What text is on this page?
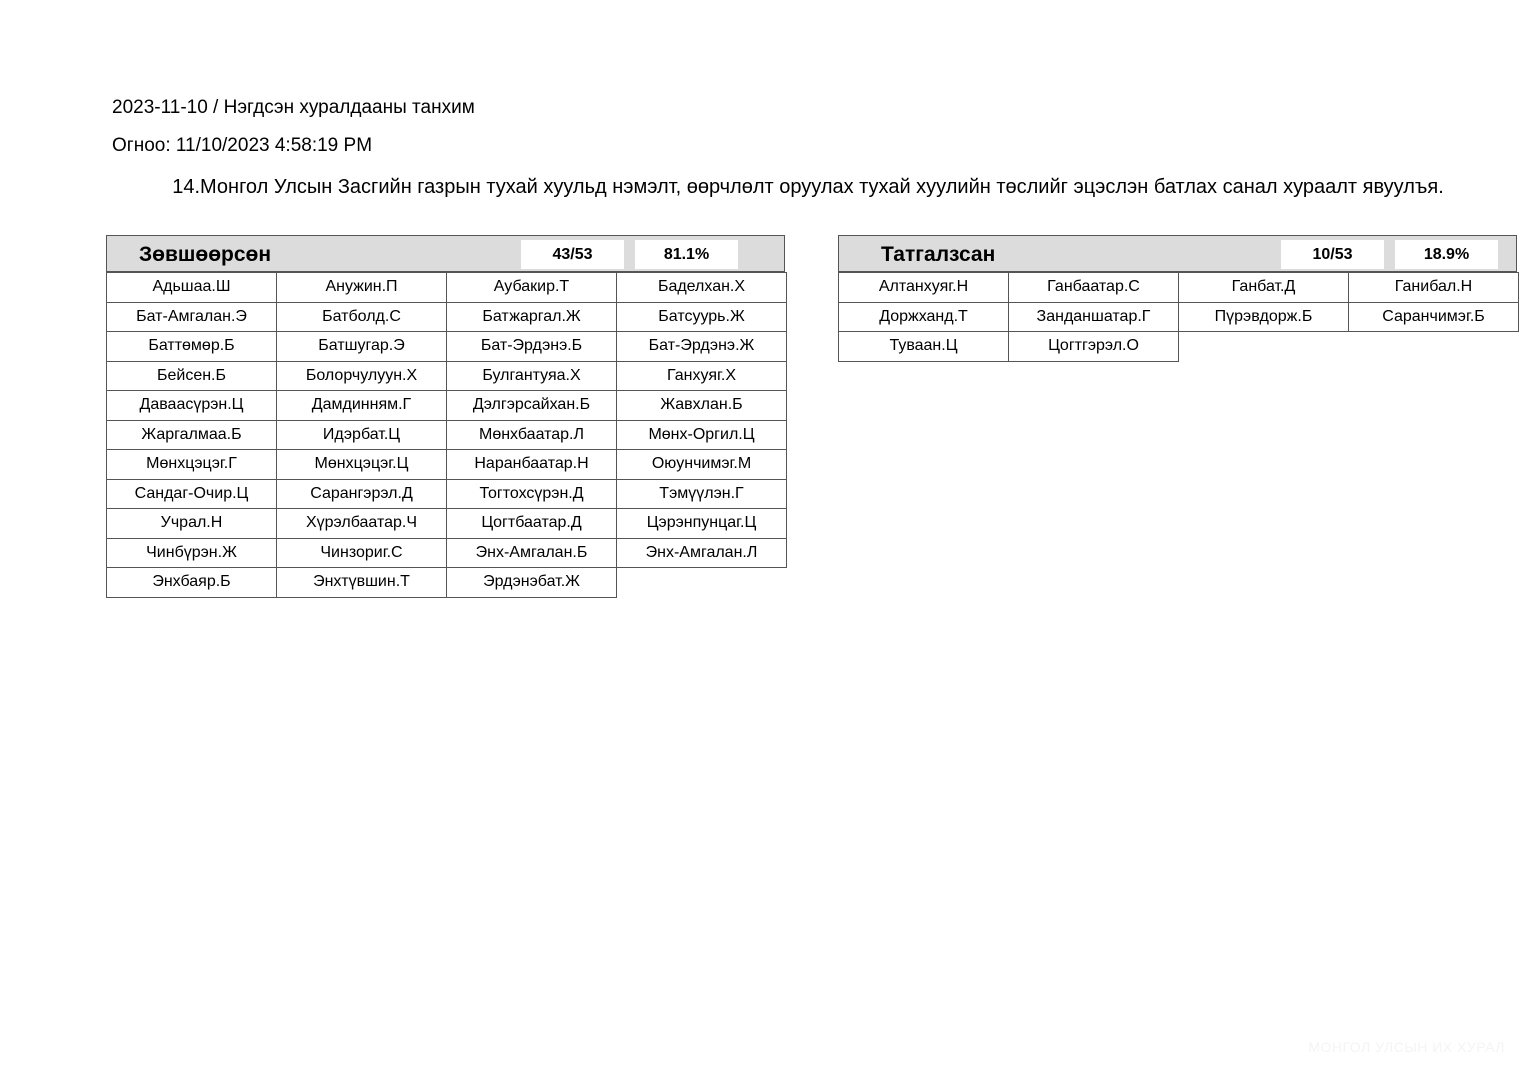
2023-11-10 / Нэгдсэн хуралдааны танхим
Огноо: 11/10/2023 4:58:19 PM
14.Монгол Улсын Засгийн газрын тухай хуульд нэмэлт, өөрчлөлт оруулах тухай хуулийн төслийг эцэслэн батлах санал хураалт явуулъя.
Зөвшөөрсөн	43/53	81.1%
Адьшаа.Ш	Анужин.П	Аубакир.Т	Баделхан.Х
Бат-Амгалан.Э	Батболд.С	Батжаргал.Ж	Батсуурь.Ж
Баттөмөр.Б	Батшугар.Э	Бат-Эрдэнэ.Б	Бат-Эрдэнэ.Ж
Бейсен.Б	Болорчулуун.Х	Булгантуяа.Х	Ганхуяг.Х
Даваасүрэн.Ц	Дамдинням.Г	Дэлгэрсайхан.Б	Жавхлан.Б
Жаргалмаа.Б	Идэрбат.Ц	Мөнхбаатар.Л	Мөнх-Оргил.Ц
Мөнхцэцэг.Г	Мөнхцэцэг.Ц	Наранбаатар.Н	Оюунчимэг.М
Сандаг-Очир.Ц	Сарангэрэл.Д	Тогтохсүрэн.Д	Тэмүүлэн.Г
Учрал.Н	Хүрэлбаатар.Ч	Цогтбаатар.Д	Цэрэнпунцаг.Ц
Чинбүрэн.Ж	Чинзориг.С	Энх-Амгалан.Б	Энх-Амгалан.Л
Энхбаяр.Б	Энхтүвшин.Т	Эрдэнэбат.Ж
Татгалзсан	10/53	18.9%
Алтанхуяг.Н	Ганбаатар.С	Ганбат.Д	Ганибал.Н
Доржханд.Т	Занданшатар.Г	Пүрэвдорж.Б	Саранчимэг.Б
Туваан.Ц	Цогтгэрэл.О
МОНГОЛ УЛСЫН ИХ ХУРАЛ
